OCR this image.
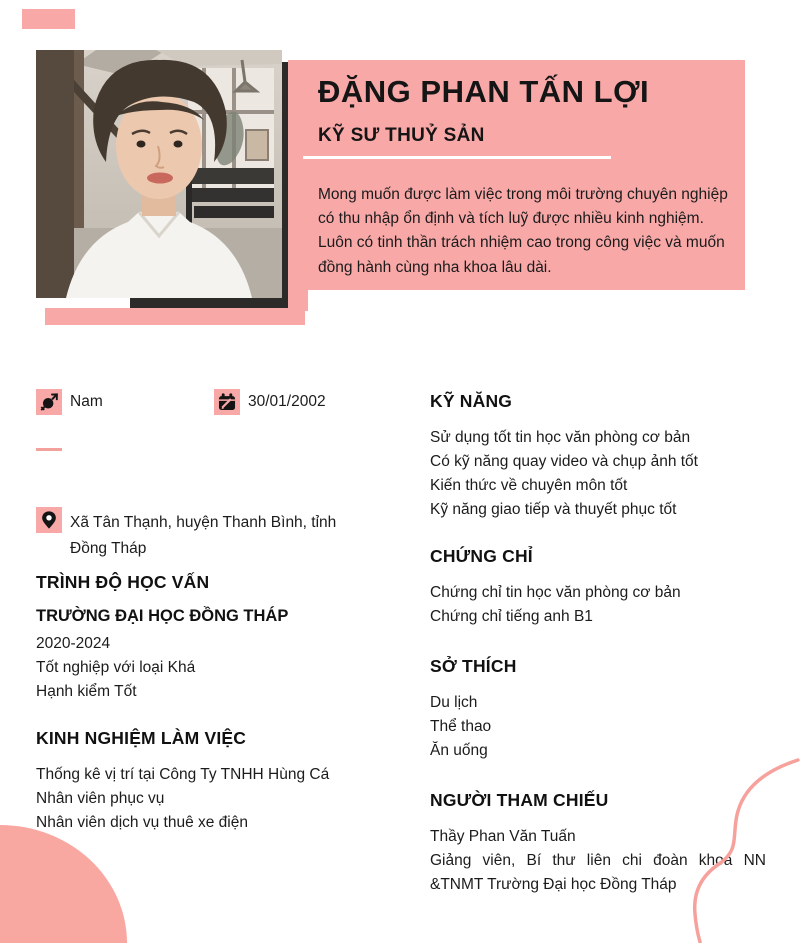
ĐẶNG PHAN TẤN LỢI
KỸ SƯ THUỶ SẢN
Mong muốn được làm việc trong môi trường chuyên nghiệp có thu nhập ổn định và tích luỹ được nhiều kinh nghiệm. Luôn có tinh thần trách nhiệm cao trong công việc và muốn đồng hành cùng nha khoa lâu dài.
Nam	30/01/2002
Xã Tân Thạnh, huyện Thanh Bình, tỉnh Đồng Tháp
TRÌNH ĐỘ HỌC VẤN
TRƯỜNG ĐẠI HỌC ĐỒNG THÁP
2020-2024
Tốt nghiệp với loại Khá
Hạnh kiểm Tốt
KINH NGHIỆM LÀM VIỆC
Thống kê vị trí tại Công Ty TNHH Hùng Cá
Nhân viên phục vụ
Nhân viên dịch vụ thuê xe điện
KỸ NĂNG
Sử dụng tốt tin học văn phòng cơ bản
Có kỹ năng quay video và chụp ảnh tốt
Kiến thức về chuyên môn tốt
Kỹ năng giao tiếp và thuyết phục tốt
CHỨNG CHỈ
Chứng chỉ tin học văn phòng cơ bản
Chứng chỉ tiếng anh B1
SỞ THÍCH
Du lịch
Thể thao
Ăn uống
NGƯỜI THAM CHIẾU
Thầy Phan Văn Tuấn
Giảng viên, Bí thư liên chi đoàn khoa NN &TNMT Trường Đại học Đồng Tháp
